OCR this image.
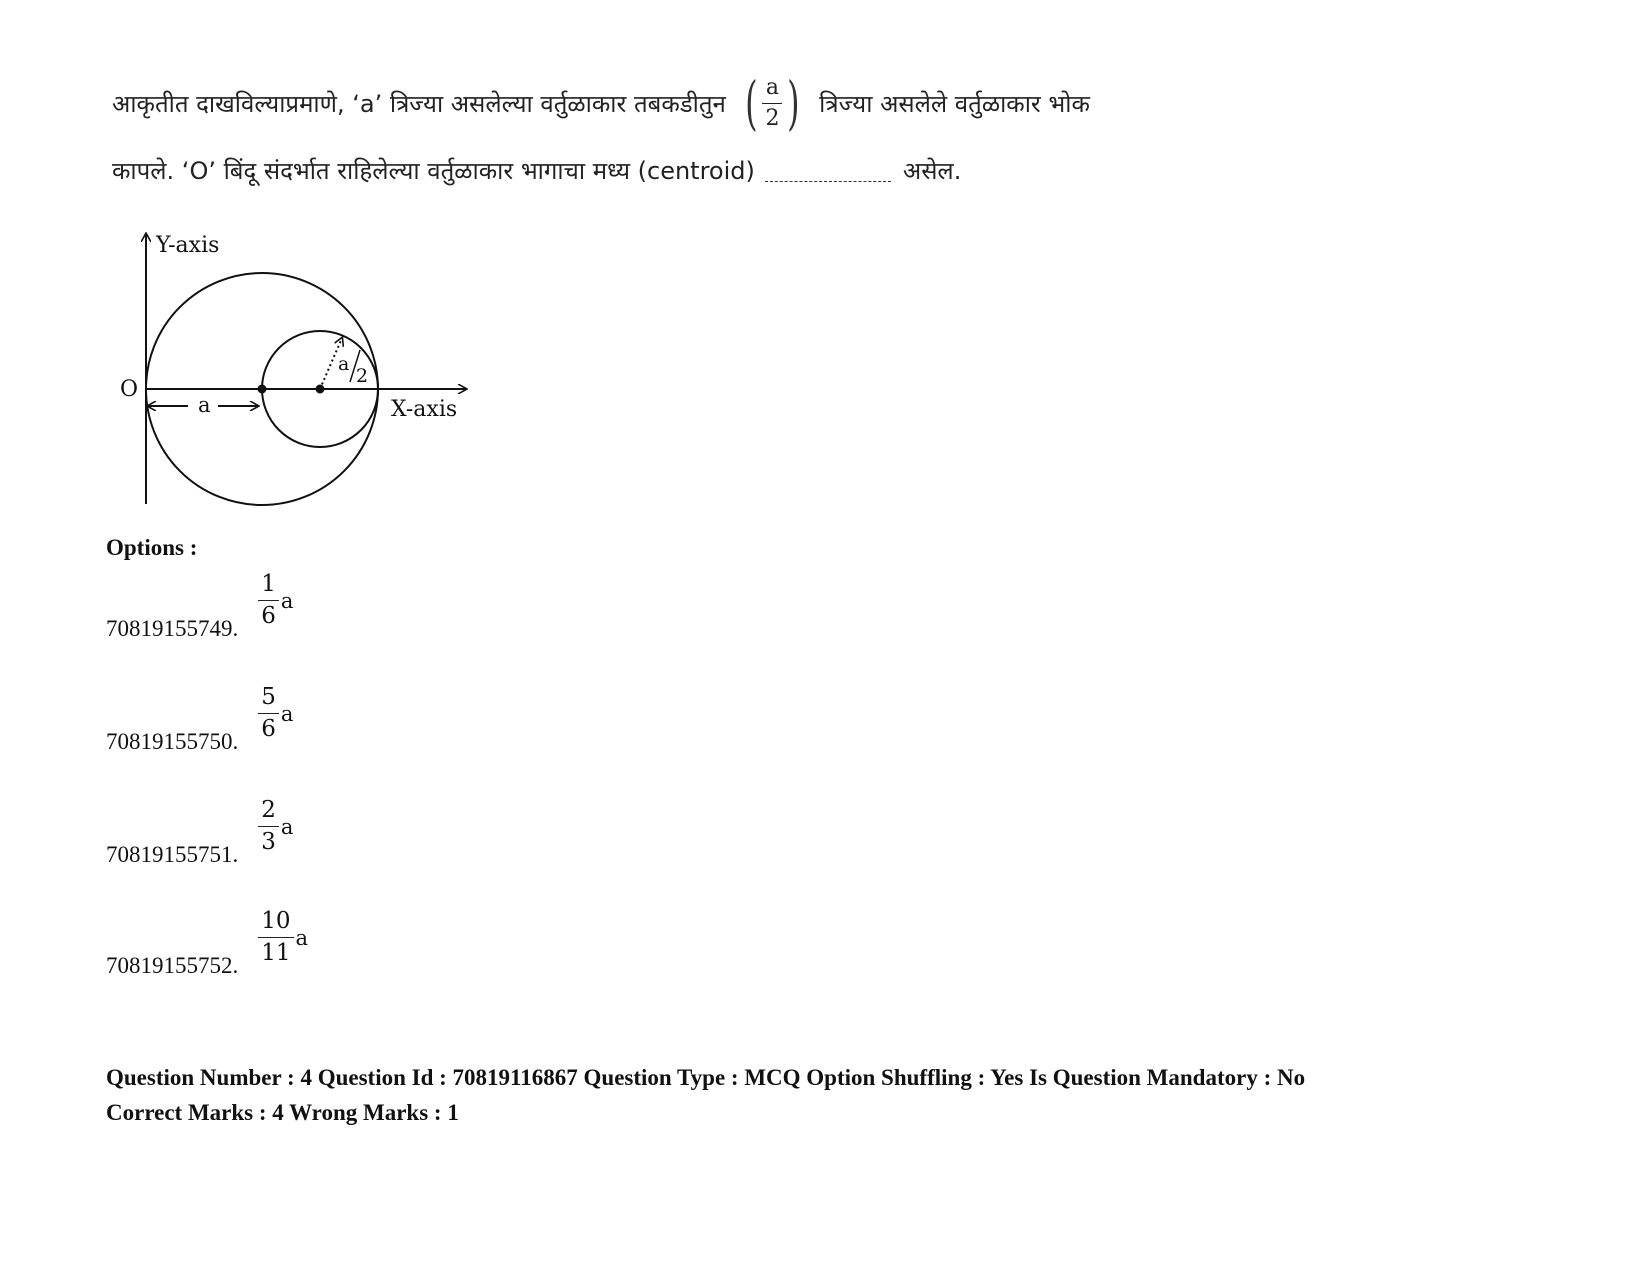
आकृतीत दाखविल्याप्रमाणे, ‘a’ त्रिज्या असलेल्या वर्तुळाकार तबकडीतुन ( $\frac{a}{2}$ ) त्रिज्या असलेले वर्तुळाकार भोक
कापले. ‘O’ बिंदू संदर्भात राहिलेल्या वर्तुळाकार भागाचा मध्य (centroid)	असेल.
Y-axis
X-axis
O
a
2
a
Options :
70819155749.
$\frac{1}{6}$ a
70819155750.
$\frac{5}{6}$ a
70819155751.
$\frac{2}{3}$ a
70819155752.
$\frac{10}{11}$ a
Question Number : 4 Question Id : 70819116867 Question Type : MCQ Option Shuffling : Yes Is Question Mandatory : No
Correct Marks : 4 Wrong Marks : 1
